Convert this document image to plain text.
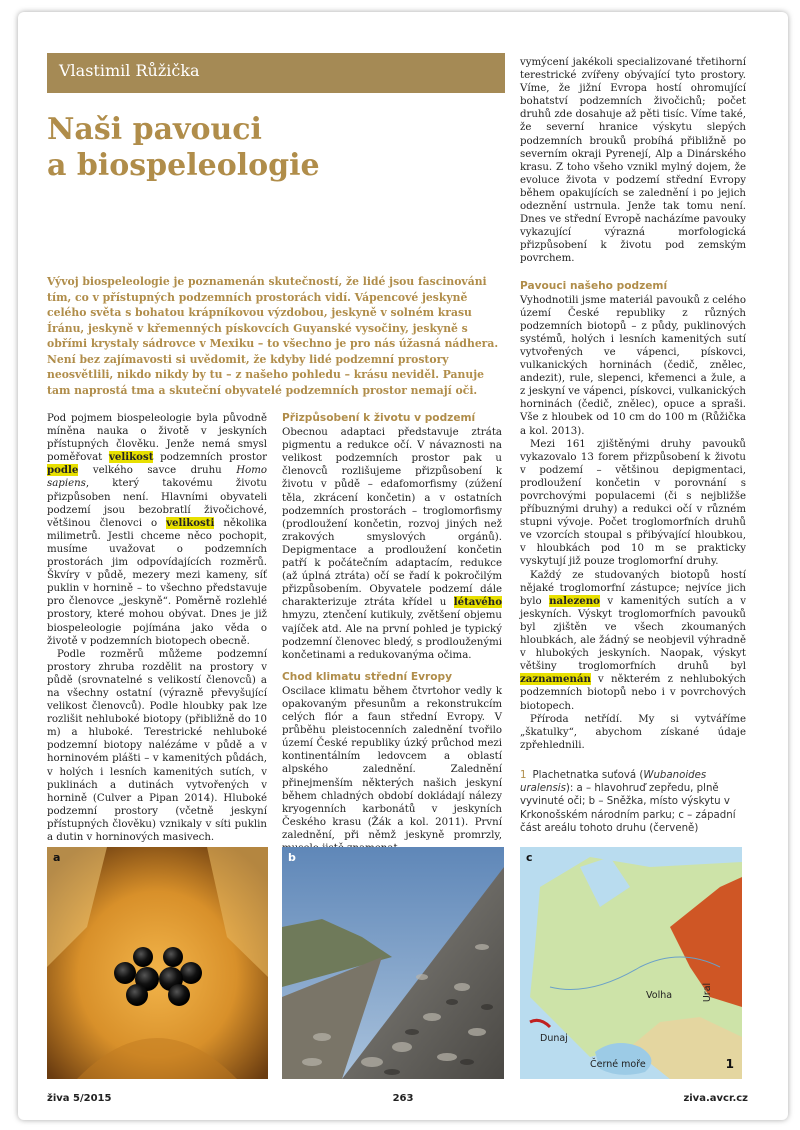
Vlastimil Růžička
Naši pavouci
a biospeleologie
Vývoj biospeleologie je poznamenán skutečností, že lidé jsou fascinováni tím, co v přístupných podzemních prostorách vidí. Vápencové jeskyně celého světa s bohatou krápníkovou výzdobou, jeskyně v solném krasu Íránu, jeskyně v křemenných pískovcích Guyanské vysočiny, jeskyně s obřími krystaly sádrovce v Mexiku – to všechno je pro nás úžasná nádhera. Není bez zajímavosti si uvědomit, že kdyby lidé podzemní prostory neosvětlili, nikdo nikdy by tu – z našeho pohledu – krásu neviděl. Panuje tam naprostá tma a skuteční obyvatelé podzemních prostor nemají oči.

Pod pojmem biospeleologie byla původně míněna nauka o životě v jeskyních přístupných člověku. Jenže nemá smysl poměřovat velikost podzemních prostor podle velkého savce druhu Homo sapiens, který takovému životu přizpůsoben není. Hlavními obyvateli podzemí jsou bezobratlí živočichové, většinou členovci o velikosti několika milimetrů. Jestli chceme něco pochopit, musíme uvažovat o podzemních prostorách jim odpovídajících rozměrů. Škvíry v půdě, mezery mezi kameny, síť puklin v hornině – to všechno představuje pro členovce „jeskyně“. Poměrně rozlehlé prostory, které mohou obývat. Dnes je již biospeleologie pojímána jako věda o životě v podzemních biotopech obecně.

Podle rozměrů můžeme podzemní prostory zhruba rozdělit na prostory v půdě (srovnatelné s velikostí členovců) a na všechny ostatní (výrazně převyšující velikost členovců). Podle hloubky pak lze rozlišit nehluboké biotopy (přibližně do 10 m) a hluboké. Terestrické nehluboké podzemní biotopy nalézáme v půdě a v horninovém plášti – v kamenitých půdách, v holých i lesních kamenitých sutích, v puklinách a dutinách vytvořených v hornině (Culver a Pipan 2014). Hluboké podzemní prostory (včetně jeskyní přístupných člověku) vznikaly v síti puklin a dutin v horninových masivech.

Přizpůsobení k životu v podzemí

Obecnou adaptaci představuje ztráta pigmentu a redukce očí. V návaznosti na velikost podzemních prostor pak u členovců rozlišujeme přizpůsobení k životu v půdě – edafomorfismy (zúžení těla, zkrácení končetin) a v ostatních podzemních prostorách – troglomorfismy (prodloužení končetin, rozvoj jiných než zrakových smyslových orgánů). Depigmentace a prodloužení končetin patří k počátečním adaptacím, redukce (až úplná ztráta) očí se řadí k pokročilým přizpůsobením. Obyvatele podzemí dále charakterizuje ztráta křídel u létavého hmyzu, ztenčení kutikuly, zvětšení objemu vajíček atd. Ale na první pohled je typický podzemní členovec bledý, s prodlouženými končetinami a redukovanýma očima.

Chod klimatu střední Evropy

Oscilace klimatu během čtvrtohor vedly k opakovaným přesunům a rekonstrukcím celých flór a faun střední Evropy. V průběhu pleistocenních zalednění tvořilo území České republiky úzký průchod mezi kontinentálním ledovcem a oblastí alpského zalednění. Zalednění přinejmenším některých našich jeskyní během chladných období dokládají nálezy kryogenních karbonátů v jeskyních Českého krasu (Žák a kol. 2011). První zalednění, při němž jeskyně promrzly,

vymýcení jakékoli specializované třetihorní terestrické zvířeny obývající tyto prostory. Víme, že jižní Evropa hostí ohromující bohatství podzemních živočichů; počet druhů zde dosahuje až pěti tisíc. Víme také, že severní hranice výskytu slepých podzemních brouků probíhá přibližně po severním okraji Pyrenejí, Alp a Dinárského krasu. Z toho všeho vznikl mylný dojem, že evoluce života v podzemí střední Evropy během opakujících se zalednění i po jejich odeznění ustrnula. Jenže tak tomu není. Dnes ve střední Evropě nacházíme pavouky vykazující výrazná morfologická přizpůsobení k životu pod zemským povrchem.

Pavouci našeho podzemí

Vyhodnotili jsme materiál pavouků z celého území České republiky z různých podzemních biotopů – z půdy, puklinových systémů, holých i lesních kamenitých sutí vytvořených ve vápenci, pískovci, vulkanických horninách (čedič, znělec, andezit), rule, slepenci, křemenci a žule, a z jeskyní ve vápenci, pískovci, vulkanických horninách (čedič, znělec), opuce a spraši. Vše z hloubek od 10 cm do 100 m (Růžička a kol. 2013).

Mezi 161 zjištěnými druhy pavouků vykazovalo 13 forem přizpůsobení k životu v podzemí – většinou depigmentaci, prodloužení končetin v porovnání s povrchovými populacemi (či s nejbližše příbuznými druhy) a redukci očí v různém stupni vývoje. Počet troglomorfních druhů ve vzorcích stoupal s přibývající hloubkou, v hloubkách pod 10 m se prakticky vyskytují již pouze troglomorfní druhy.

Každý ze studovaných biotopů hostí nějaké troglomorfní zástupce; nejvíce jich bylo nalezeno v kamenitých sutích a v jeskyních. Výskyt troglomorfních pavouků byl zjištěn ve všech zkoumaných hloubkách, ale žádný se neobjevil výhradně v hlubokých jeskyních. Naopak, výskyt většiny troglomorfních druhů byl zaznamenán v některém z nehlubokých podzemních biotopů nebo i v povrchových biotopech.

Příroda netřídí. My si vytváříme „škatulky“, abychom získané údaje zpřehlednili.

1 Plachetnatka suťová (Wubanoides uralensis): a – hlavohruď zepředu, plně vyvinuté oči; b – Sněžka, místo výskytu v Krkonošském národním parku; c – západní část areálu tohoto druhu (červeně)
a	b	c
Volha	Ural
Dunaj
Černé moře	1
živa 5/2015	263	ziva.avcr.cz
